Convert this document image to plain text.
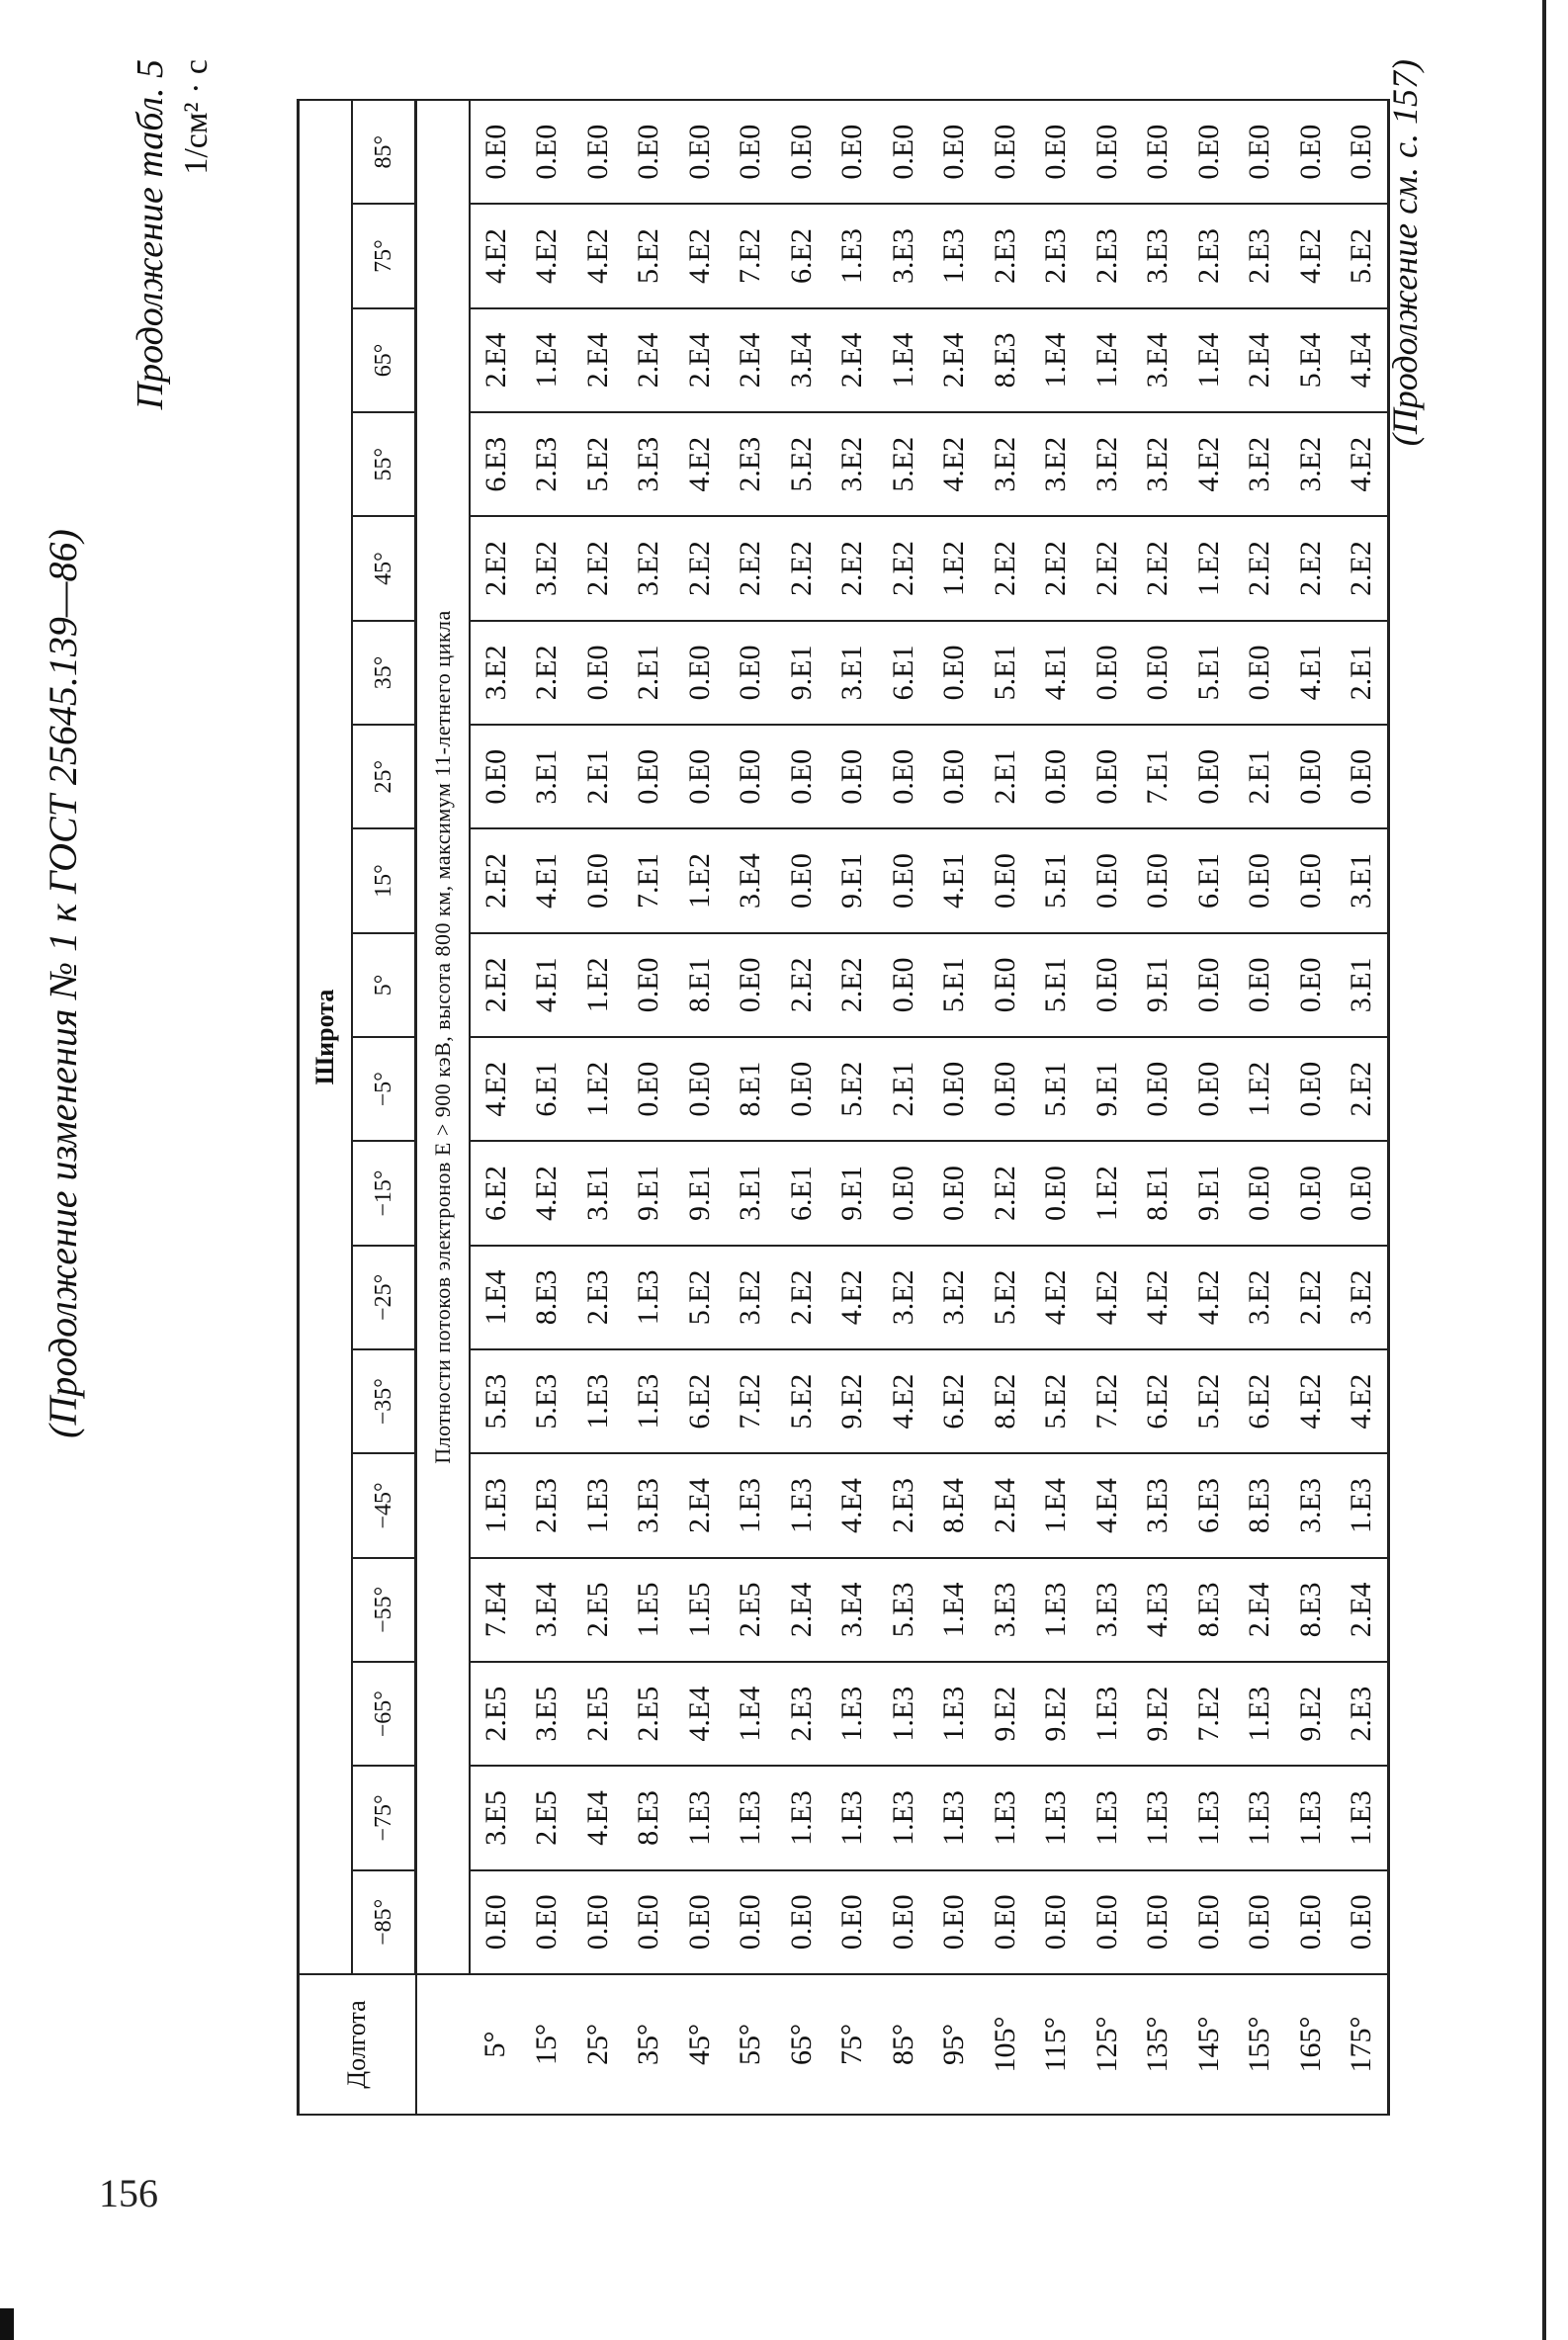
156
(Продолжение изменения № 1 к ГОСТ 25645.139—86)
Продолжение табл. 5 1/см² · с
Долгота	Широта																	
	−85°	−75°	−65°	−55°	−45°	−35°	−25°	−15°	−5°	5°	15°	25°	35°	45°	55°	65°	75°	85°
	Плотности потоков электронов E > 900 кэВ, высота 800 км, максимум 11-летнего цикла																	
5°	0.E0	3.E5	2.E5	7.E4	1.E3	5.E3	1.E4	6.E2	4.E2	2.E2	2.E2	0.E0	3.E2	2.E2	6.E3	2.E4	4.E2	0.E0
15°	0.E0	2.E5	3.E5	3.E4	2.E3	5.E3	8.E3	4.E2	6.E1	4.E1	4.E1	3.E1	2.E2	3.E2	2.E3	1.E4	4.E2	0.E0
25°	0.E0	4.E4	2.E5	2.E5	1.E3	1.E3	2.E3	3.E1	1.E2	1.E2	0.E0	2.E1	0.E0	2.E2	5.E2	2.E4	4.E2	0.E0
35°	0.E0	8.E3	2.E5	1.E5	3.E3	1.E3	1.E3	9.E1	0.E0	0.E0	7.E1	0.E0	2.E1	3.E2	3.E3	2.E4	5.E2	0.E0
45°	0.E0	1.E3	4.E4	1.E5	2.E4	6.E2	5.E2	9.E1	0.E0	8.E1	1.E2	0.E0	0.E0	2.E2	4.E2	2.E4	4.E2	0.E0
55°	0.E0	1.E3	1.E4	2.E5	1.E3	7.E2	3.E2	3.E1	8.E1	0.E0	3.E4	0.E0	0.E0	2.E2	2.E3	2.E4	7.E2	0.E0
65°	0.E0	1.E3	2.E3	2.E4	1.E3	5.E2	2.E2	6.E1	0.E0	2.E2	0.E0	0.E0	9.E1	2.E2	5.E2	3.E4	6.E2	0.E0
75°	0.E0	1.E3	1.E3	3.E4	4.E4	9.E2	4.E2	9.E1	5.E2	2.E2	9.E1	0.E0	3.E1	2.E2	3.E2	2.E4	1.E3	0.E0
85°	0.E0	1.E3	1.E3	5.E3	2.E3	4.E2	3.E2	0.E0	2.E1	0.E0	0.E0	0.E0	6.E1	2.E2	5.E2	1.E4	3.E3	0.E0
95°	0.E0	1.E3	1.E3	1.E4	8.E4	6.E2	3.E2	0.E0	0.E0	5.E1	4.E1	0.E0	0.E0	1.E2	4.E2	2.E4	1.E3	0.E0
105°	0.E0	1.E3	9.E2	3.E3	2.E4	8.E2	5.E2	2.E2	0.E0	0.E0	0.E0	2.E1	5.E1	2.E2	3.E2	8.E3	2.E3	0.E0
115°	0.E0	1.E3	9.E2	1.E3	1.E4	5.E2	4.E2	0.E0	5.E1	5.E1	5.E1	0.E0	4.E1	2.E2	3.E2	1.E4	2.E3	0.E0
125°	0.E0	1.E3	1.E3	3.E3	4.E4	7.E2	4.E2	1.E2	9.E1	0.E0	0.E0	0.E0	0.E0	2.E2	3.E2	1.E4	2.E3	0.E0
135°	0.E0	1.E3	9.E2	4.E3	3.E3	6.E2	4.E2	8.E1	0.E0	9.E1	0.E0	7.E1	0.E0	2.E2	3.E2	3.E4	3.E3	0.E0
145°	0.E0	1.E3	7.E2	8.E3	6.E3	5.E2	4.E2	9.E1	0.E0	0.E0	6.E1	0.E0	5.E1	1.E2	4.E2	1.E4	2.E3	0.E0
155°	0.E0	1.E3	1.E3	2.E4	8.E3	6.E2	3.E2	0.E0	1.E2	0.E0	0.E0	2.E1	0.E0	2.E2	3.E2	2.E4	2.E3	0.E0
165°	0.E0	1.E3	9.E2	8.E3	3.E3	4.E2	2.E2	0.E0	0.E0	0.E0	0.E0	0.E0	4.E1	2.E2	3.E2	5.E4	4.E2	0.E0
175°	0.E0	1.E3	2.E3	2.E4	1.E3	4.E2	3.E2	0.E0	2.E2	3.E1	3.E1	0.E0	2.E1	2.E2	4.E2	4.E4	5.E2	0.E0 (Продолжение см. с. 157)
